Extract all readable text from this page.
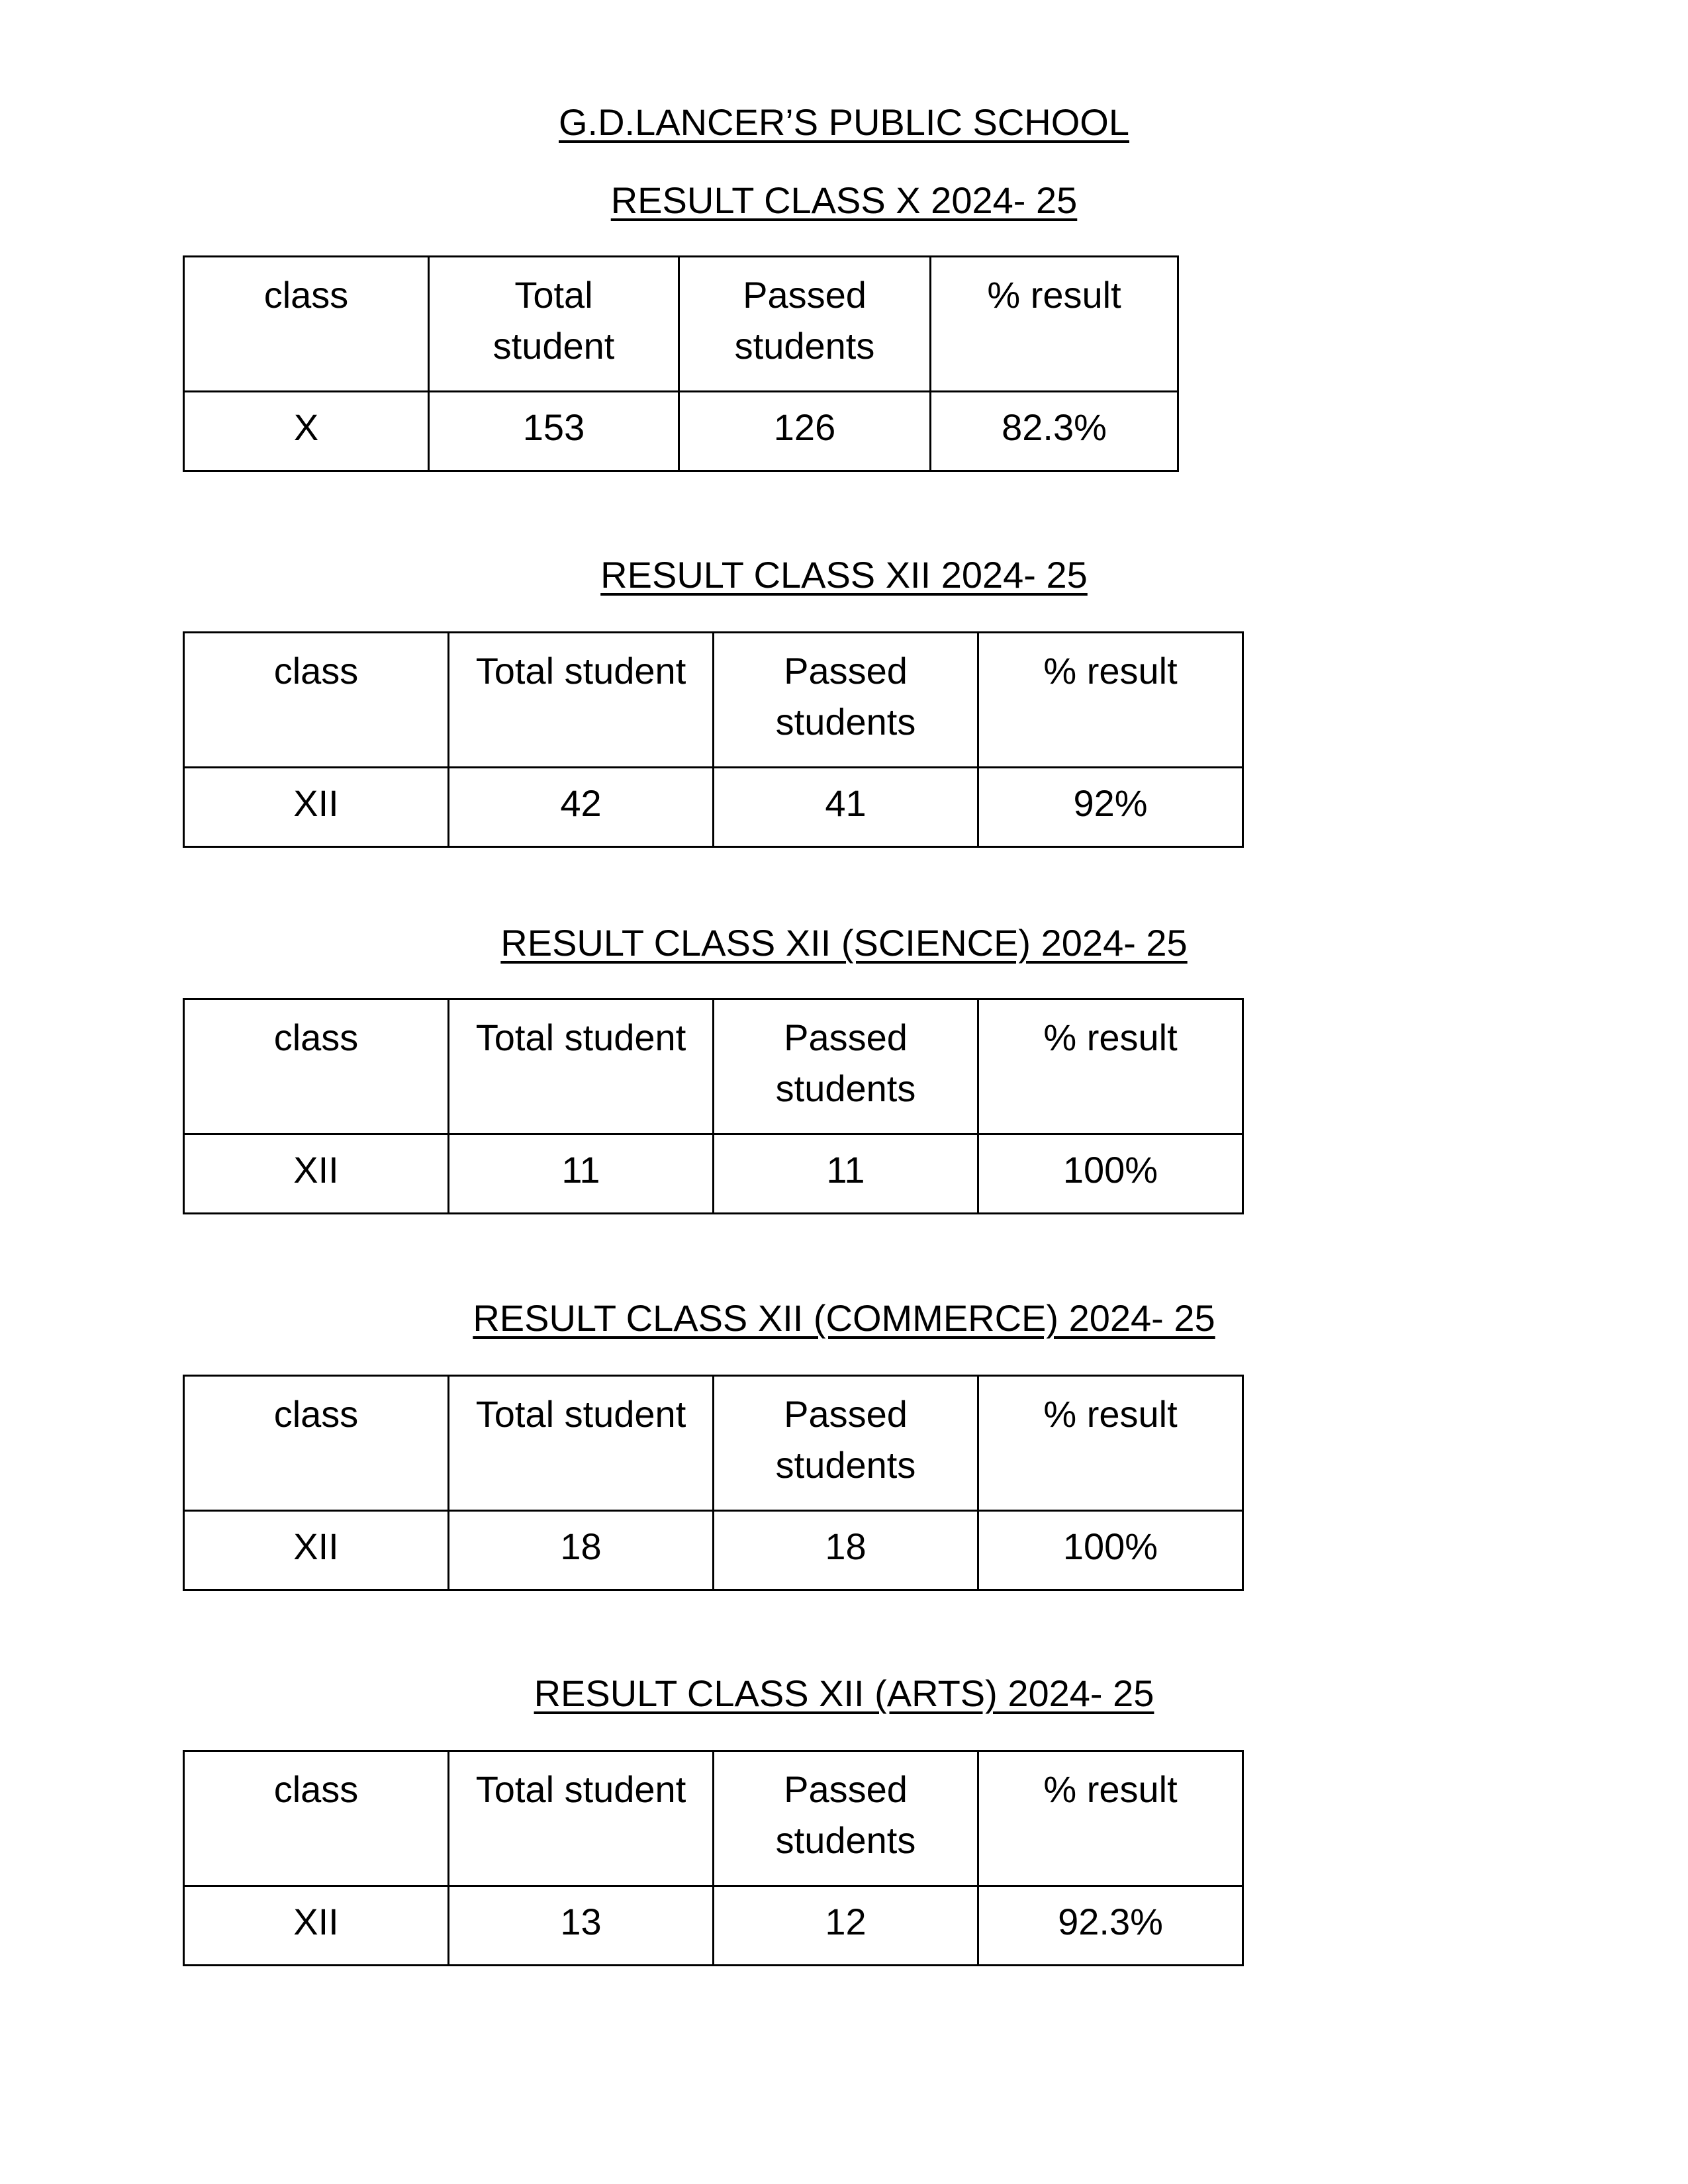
G.D.LANCER’S PUBLIC SCHOOL
RESULT CLASS X 2024- 25
class	Total student	Passed students	% result
X	153	126	82.3%
RESULT CLASS XII 2024- 25
class	Total student	Passed students	% result
XII	42	41	92%
RESULT CLASS XII (SCIENCE) 2024- 25
class	Total student	Passed students	% result
XII	11	11	100%
RESULT CLASS XII (COMMERCE) 2024- 25
class	Total student	Passed students	% result
XII	18	18	100%
RESULT CLASS XII (ARTS) 2024- 25
class	Total student	Passed students	% result
XII	13	12	92.3%
